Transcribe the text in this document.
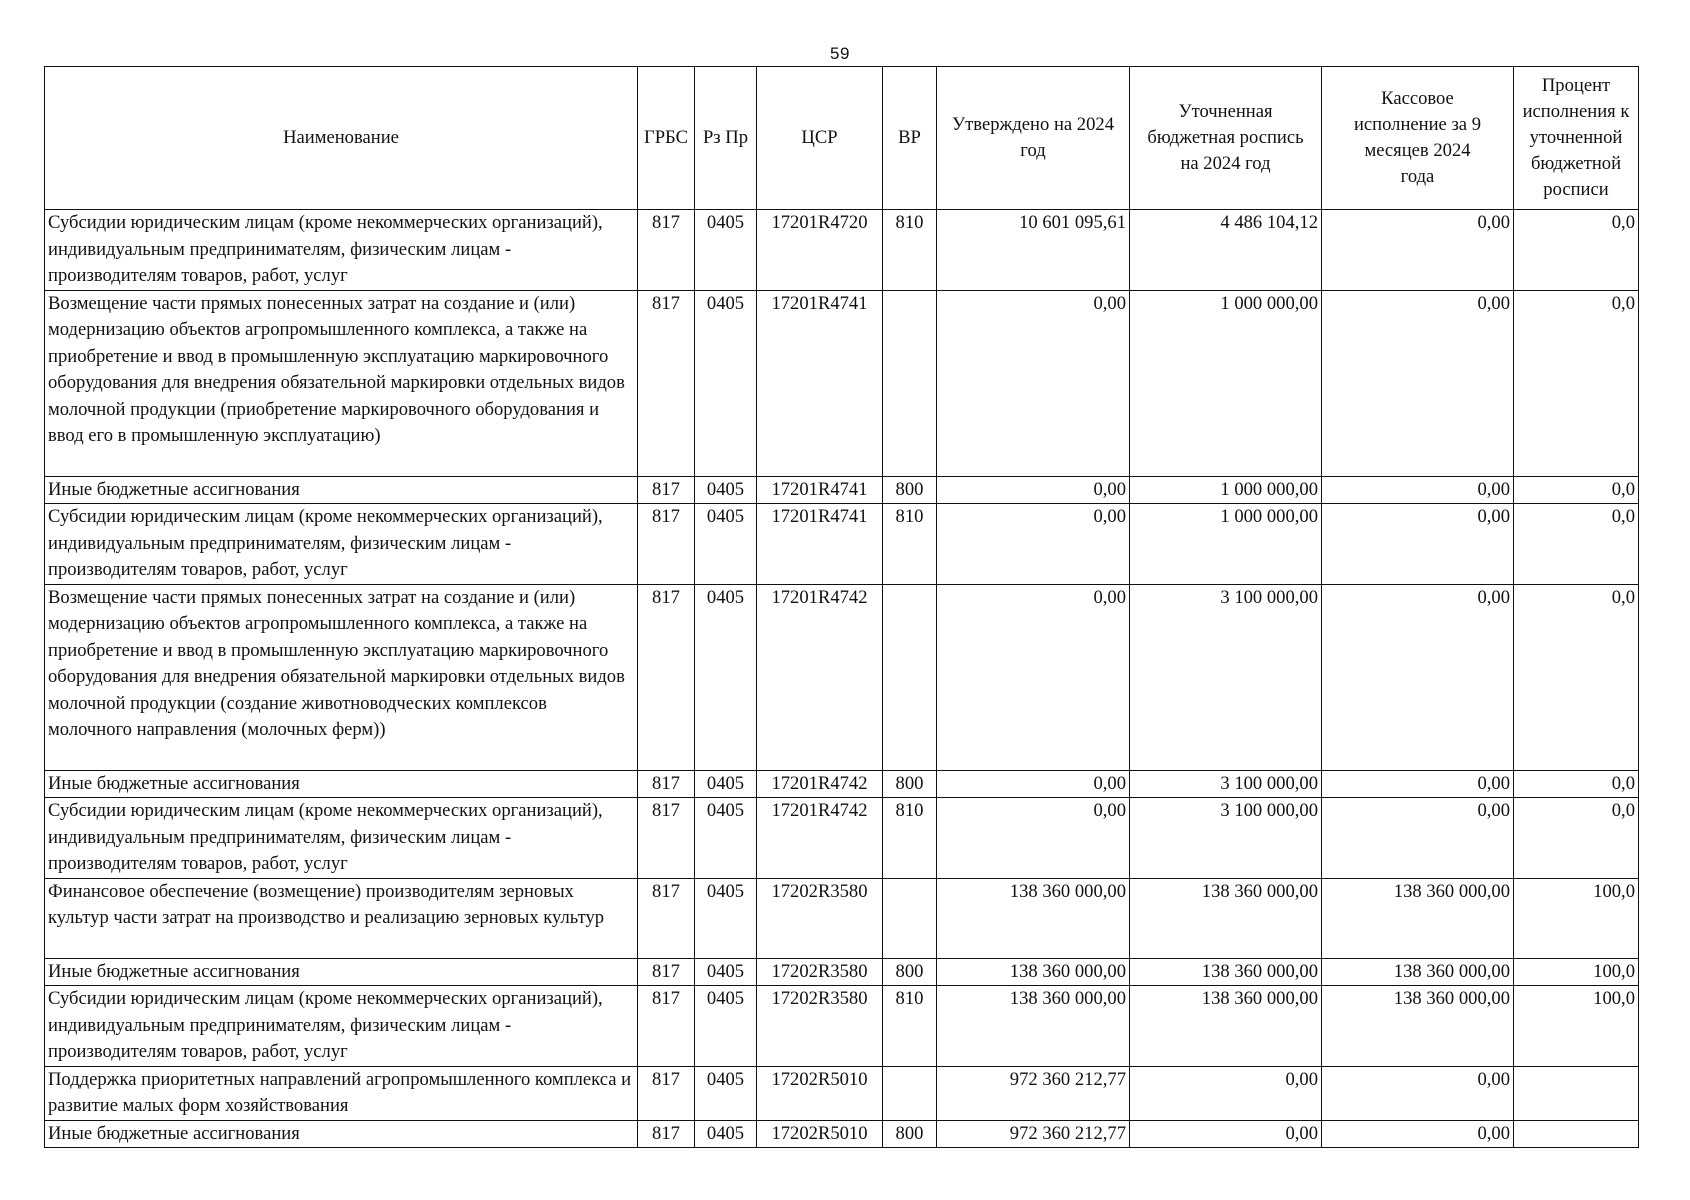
59
Наименование	ГРБС	Рз Пр	ЦСР	ВР	Утверждено на 2024 год	Уточненная бюджетная роспись на 2024 год	Кассовое исполнение за 9 месяцев 2024 года	Процент исполнения к уточненной бюджетной росписи
Субсидии юридическим лицам (кроме некоммерческих организаций), индивидуальным предпринимателям, физическим лицам - производителям товаров, работ, услуг	817	0405	17201R4720	810	10 601 095,61	4 486 104,12	0,00	0,0
Возмещение части прямых понесенных затрат на создание и (или) модернизацию объектов агропромышленного комплекса, а также на приобретение и ввод в промышленную эксплуатацию маркировочного оборудования для внедрения обязательной маркировки отдельных видов молочной продукции (приобретение маркировочного оборудования и ввод его в промышленную эксплуатацию)	817	0405	17201R4741		0,00	1 000 000,00	0,00	0,0
Иные бюджетные ассигнования	817	0405	17201R4741	800	0,00	1 000 000,00	0,00	0,0
Субсидии юридическим лицам (кроме некоммерческих организаций), индивидуальным предпринимателям, физическим лицам - производителям товаров, работ, услуг	817	0405	17201R4741	810	0,00	1 000 000,00	0,00	0,0
Возмещение части прямых понесенных затрат на создание и (или) модернизацию объектов агропромышленного комплекса, а также на приобретение и ввод в промышленную эксплуатацию маркировочного оборудования для внедрения обязательной маркировки отдельных видов молочной продукции (создание животноводческих комплексов молочного направления (молочных ферм))	817	0405	17201R4742		0,00	3 100 000,00	0,00	0,0
Иные бюджетные ассигнования	817	0405	17201R4742	800	0,00	3 100 000,00	0,00	0,0
Субсидии юридическим лицам (кроме некоммерческих организаций), индивидуальным предпринимателям, физическим лицам - производителям товаров, работ, услуг	817	0405	17201R4742	810	0,00	3 100 000,00	0,00	0,0
Финансовое обеспечение (возмещение) производителям зерновых культур части затрат на производство и реализацию зерновых культур	817	0405	17202R3580		138 360 000,00	138 360 000,00	138 360 000,00	100,0
Иные бюджетные ассигнования	817	0405	17202R3580	800	138 360 000,00	138 360 000,00	138 360 000,00	100,0
Субсидии юридическим лицам (кроме некоммерческих организаций), индивидуальным предпринимателям, физическим лицам - производителям товаров, работ, услуг	817	0405	17202R3580	810	138 360 000,00	138 360 000,00	138 360 000,00	100,0
Поддержка приоритетных направлений агропромышленного комплекса и развитие малых форм хозяйствования	817	0405	17202R5010		972 360 212,77	0,00	0,00	
Иные бюджетные ассигнования	817	0405	17202R5010	800	972 360 212,77	0,00	0,00	
